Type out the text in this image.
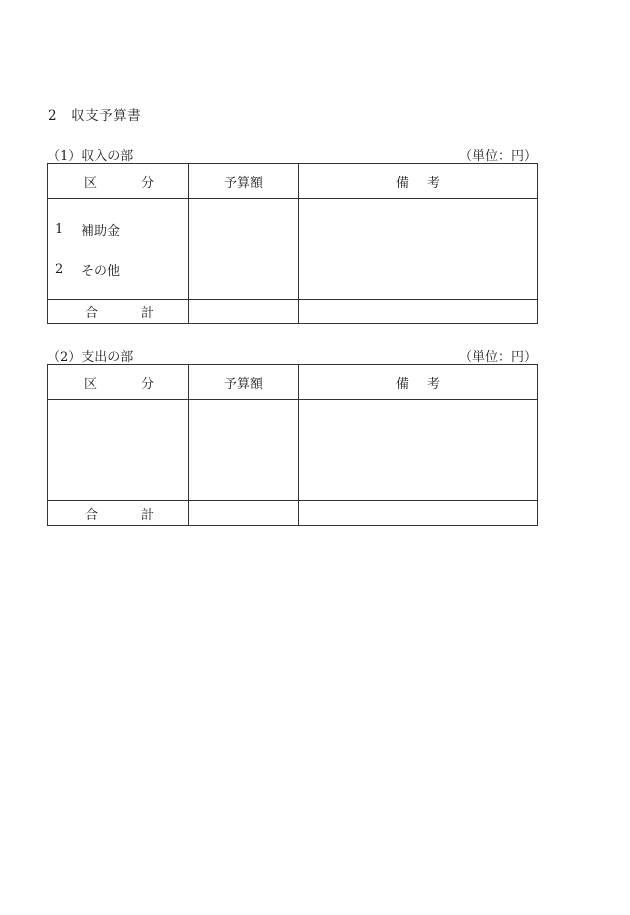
2　収支予算書
（1）収入の部	（単位：円）
区 分	予算額	備 考

1 補助金
2 その他		

合 計		

（2）支出の部	（単位：円）
区 分	予算額	備 考

合 計		
